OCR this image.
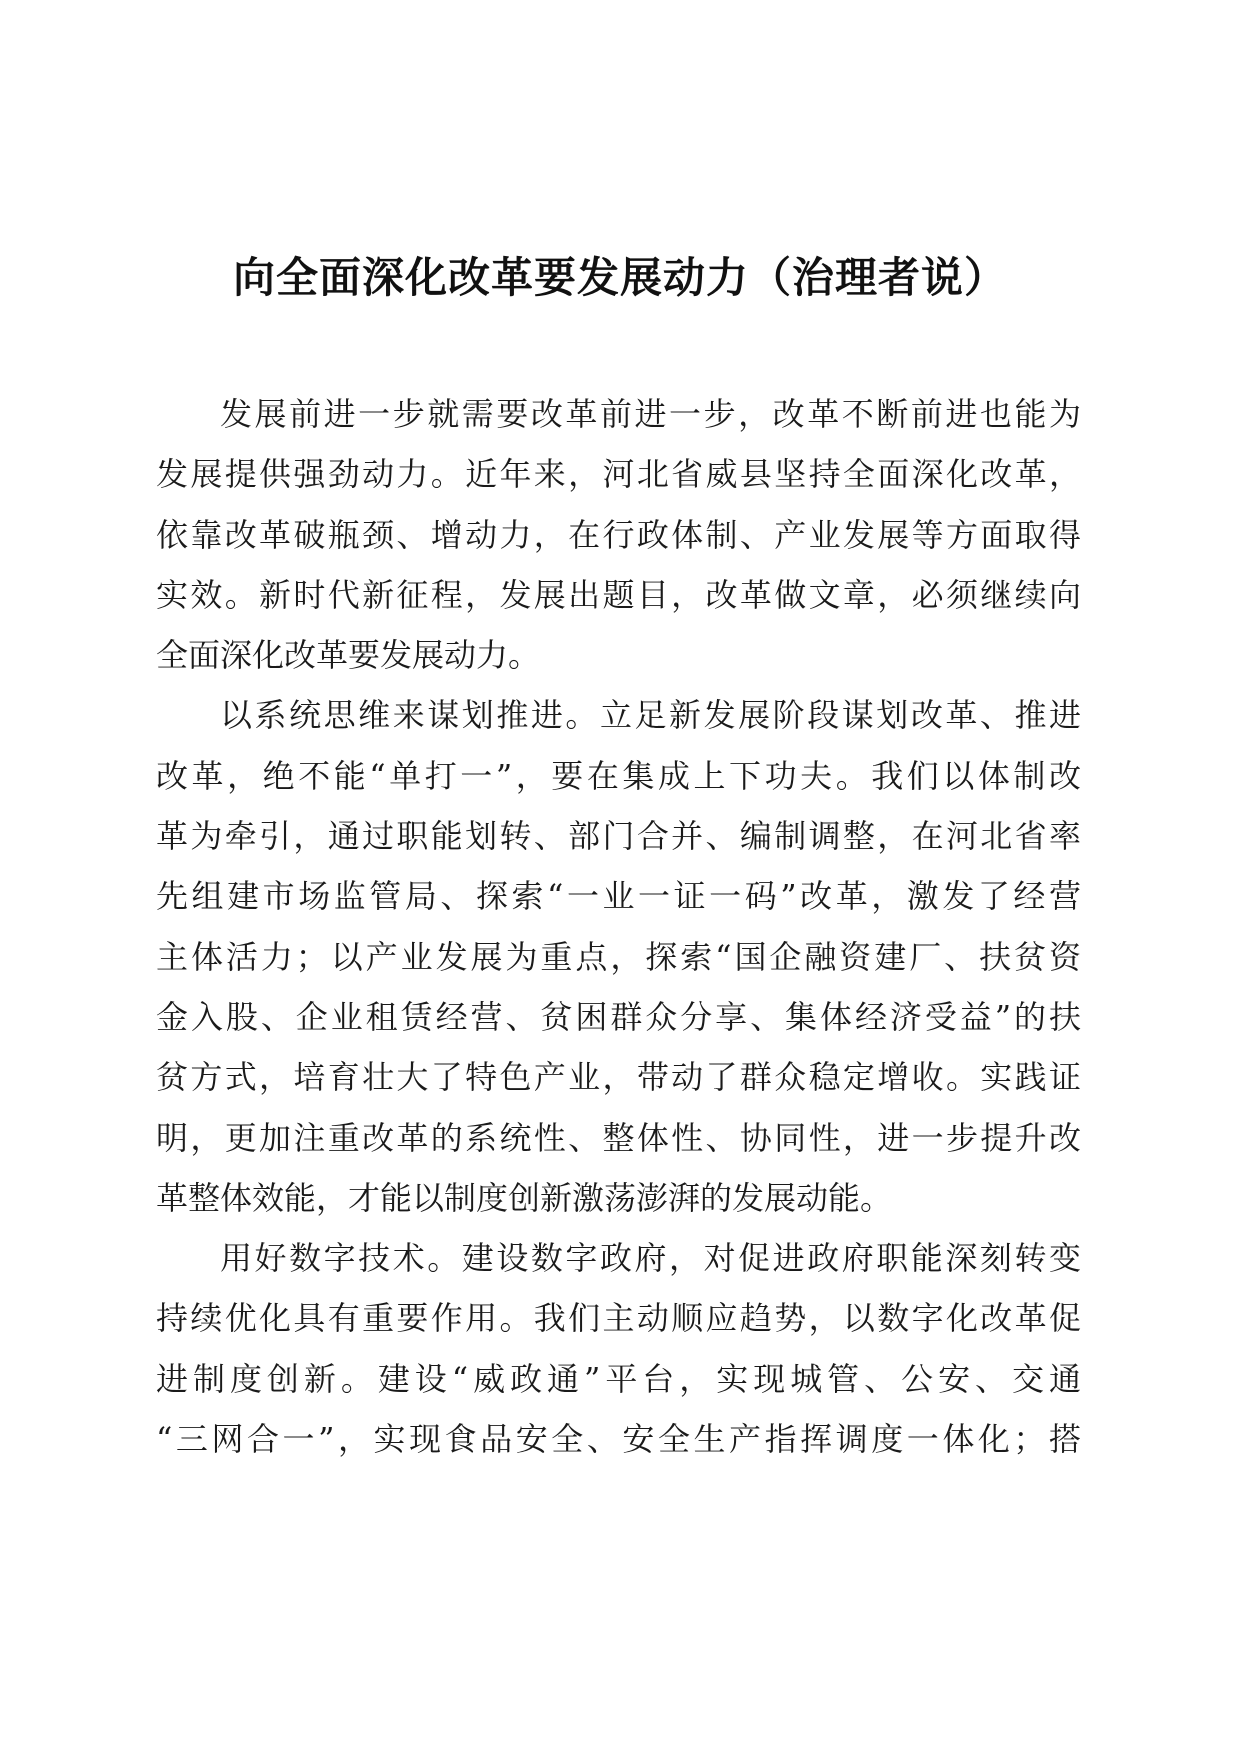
向全面深化改革要发展动力（治理者说）
发展前进一步就需要改革前进一步，改革不断前进也能为
发展提供强劲动力。近年来，河北省威县坚持全面深化改革，
依靠改革破瓶颈、增动力，在行政体制、产业发展等方面取得
实效。新时代新征程，发展出题目，改革做文章，必须继续向
全面深化改革要发展动力。
以系统思维来谋划推进。立足新发展阶段谋划改革、推进
改革，绝不能“单打一”，要在集成上下功夫。我们以体制改
革为牵引，通过职能划转、部门合并、编制调整，在河北省率
先组建市场监管局、探索“一业一证一码”改革，激发了经营
主体活力；以产业发展为重点，探索“国企融资建厂、扶贫资
金入股、企业租赁经营、贫困群众分享、集体经济受益”的扶
贫方式，培育壮大了特色产业，带动了群众稳定增收。实践证
明，更加注重改革的系统性、整体性、协同性，进一步提升改
革整体效能，才能以制度创新激荡澎湃的发展动能。
用好数字技术。建设数字政府，对促进政府职能深刻转变
持续优化具有重要作用。我们主动顺应趋势，以数字化改革促
进制度创新。建设“威政通”平台，实现城管、公安、交通
“三网合一”，实现食品安全、安全生产指挥调度一体化；搭
